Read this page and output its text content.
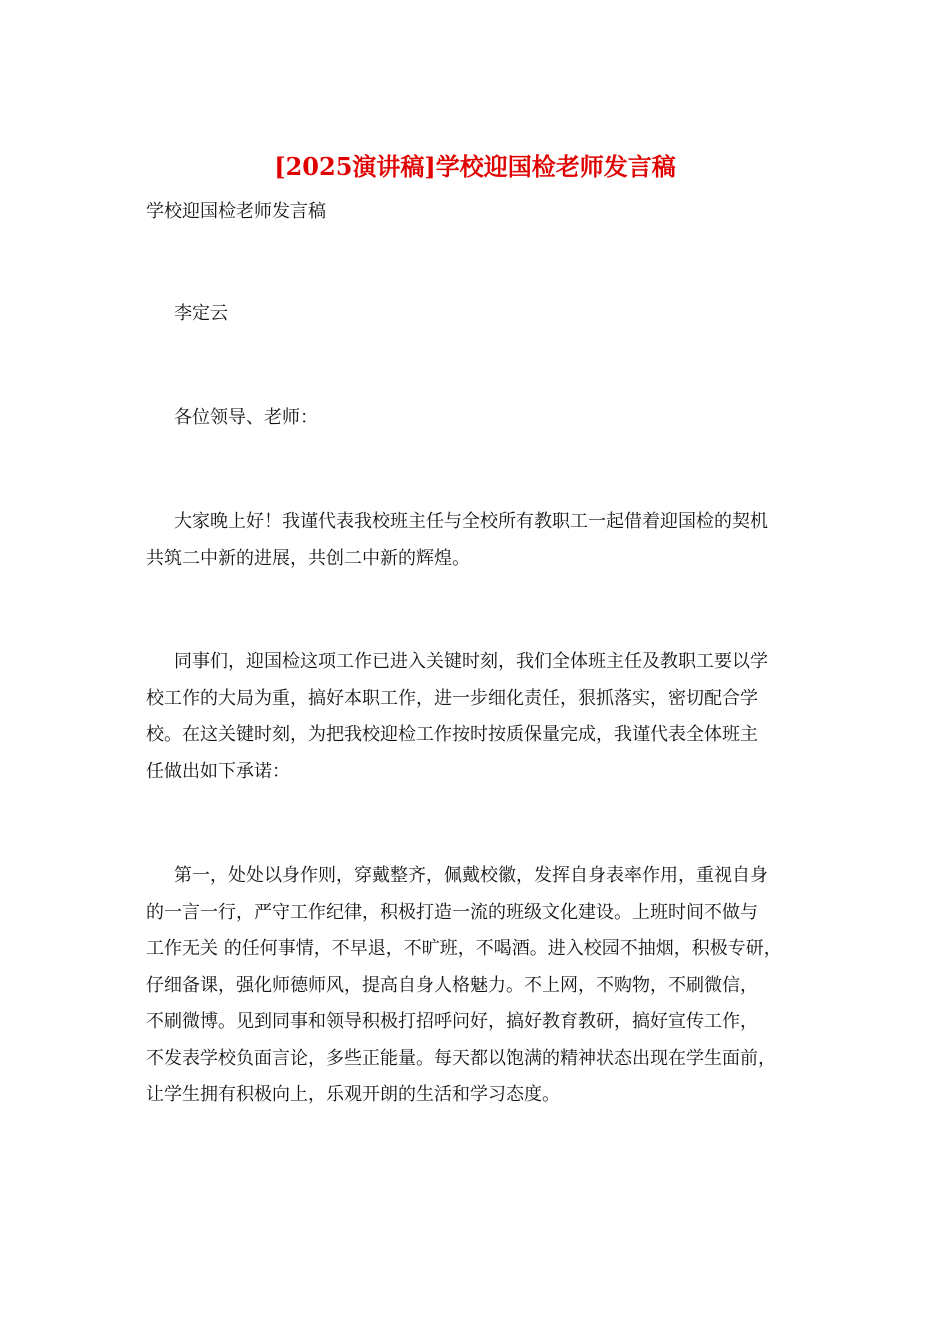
[2025演讲稿]学校迎国检老师发言稿
学校迎国检老师发言稿
李定云
各位领导、老师：
大家晚上好！我谨代表我校班主任与全校所有教职工一起借着迎国检的契机
共筑二中新的进展，共创二中新的辉煌。
同事们，迎国检这项工作已进入关键时刻，我们全体班主任及教职工要以学
校工作的大局为重，搞好本职工作，进一步细化责任，狠抓落实，密切配合学
校。在这关键时刻，为把我校迎检工作按时按质保量完成，我谨代表全体班主
任做出如下承诺：
第一，处处以身作则，穿戴整齐，佩戴校徽，发挥自身表率作用，重视自身
的一言一行，严守工作纪律，积极打造一流的班级文化建设。上班时间不做与
工作无关 的任何事情，不早退，不旷班，不喝酒。进入校园不抽烟，积极专研，
仔细备课，强化师德师风，提高自身人格魅力。不上网，不购物，不刷微信，
不刷微博。见到同事和领导积极打招呼问好，搞好教育教研，搞好宣传工作，
不发表学校负面言论，多些正能量。每天都以饱满的精神状态出现在学生面前，
让学生拥有积极向上，乐观开朗的生活和学习态度。
